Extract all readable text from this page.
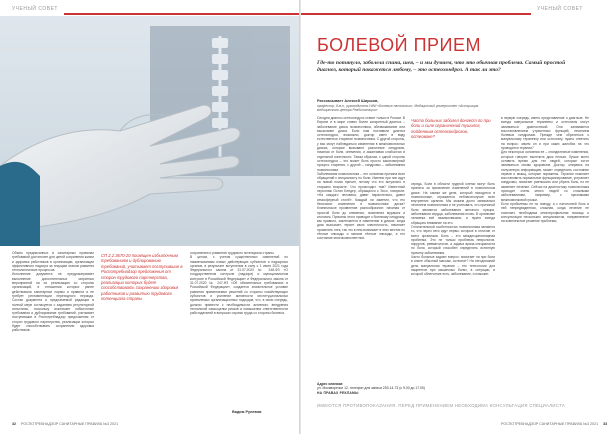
УЧЕНЫЙ СОВЕТ

Объем предписанных в санитарных правилах требований достаточен для целей сохранения жизни и здоровья работников в организации, организации эффективного надзора за текущим этапом развития технологических процессов.

Исполнение документа не предусматривает выполнение дополнительных затратных мероприятий на их реализацию со стороны организаций, в отношении которых ранее действовали санитарные нормы и правила и не требует регламентации переходного периода. Состав документа и предлагаемой редакции в полной мере согласуется с заданием регуляторной гильотины, поскольку исключает избыточные требования и дублирование требований, учитывает поступившие в Роспотребнадзор предложения от сторон трудового партнерства, реализации которых будет способствовать сохранению здоровья работников.

СП 2.2.3670-20 посвящен избыточным требованиям и дублированию требований, учитывает поступившие в Роспотребнадзор предложения от сторон трудового партнерства, реализации которых будет способствовать сохранению здоровья работников и развитию трудового потенциала страны

сохранению и развитию трудового потенциала страны.

В целом, с учетом существенных изменений по наименованиям новых действующих субъектов и надзорных органов, в результате вступления в силу с 1 июля 2021 года Федерального закона от 31.07.2020 № 248-ФЗ «О государственном контроле (надзоре) и муниципальном контроле в Российской Федерации» и Федерального закона от 31.07.2020 № 247-ФЗ «Об обязательных требованиях в Российской Федерации», создается значительное условие развития применяемых решений со стороны хозяйствующих субъектов и усиление активности институциональных приемлемых организационных подходов, что, в свою очередь, должно привести к необходимости активного внедрения технологий самооценки рисков и повышения ответственности работодателей в вопросах охраны труда со стороны бизнеса.

Вадим Рулевов
32 РОСПОТРЕБНАДЗОР САНИТАРНЫЕ ПРАВИЛА №3 2021
УЧЕНЫЙ СОВЕТ
БОЛЕВОЙ ПРИЕМ
Где-то потянуло, заболела спина, шея, – и мы думаем, что это обычная проблема. Самый простой диагноз, который покажется любому, – это остеохондроз. А так ли это?
Рассказывает Алексей Ширшов,
профессор, д.м.н., руководитель НИИ «Болевые патологии», Медицинский университет «Ассоциация медицинского центра Реабилитации»

Сегодня диагноз остеохондроз ставят только в России. В Европе и в мире ставят более конкретный диагноз – заболевание диска позвоночника, обезвоживание или высыхание диска. Если нам поставили диагноз остеохондроз, возможно, доктор имел в виду естественное старение позвоночника. С другой стороны, у вас могут наблюдаться изменения в межпозвоночных дисках, которые вызывают различные синдромы, начиная от боли, онемения, и заканчивая слабостью в отдельной конечности. Таким образом, с одной стороны остеохондроз – это может быть просто закономерный процесс старения, с другой – синдромы – заболевания позвоночника.

Заболевания позвоночника – это основная причина всех обращений к специалисту по боли. Именно при них идут на новый поиск причин, потому что это актуально в старшем возрасте. Что происходит там? Известный персонаж Остап Бендер, обращался к Эссо, говорили: «На каждого человека, давят параллельно, давит атмосферный столб». Каждый ли заметил, что его беспокоят изменения в позвоночнике диска? Клиническое проявление разнообразное: начиная от простой боли до онемения, появления мурашек и иголочек. Причины этого приводят к болевому синдрому, как правило, заключается в изменении в дисках: когда диск высыхает, теряет свою эластичность, начинает проявлять отек, так что в нем возникает в этих местах по тёплые эпизоды и мелкие тёплые эпизоды, а его состояние многокомпонентное.

Часто больных заболел донгест по при боли и силе ограничений тушился, пойденным остеохондрозов, остеоване?

середь. Боли в области грудной клетки могут быть приняты за проявление изменений в позвоночном диске. На самом же деле, который находится в позвоночнике, отражается неблагополучие всех внутренних органов. Мы можем долго заниматься лечением позвоночника и не учитывать, что причиной боли являются заболевания желчного пузыря, заболевания сердца, заболевания почек. В организме человека всё взаимосвязано, и нужно всегда обращать внимание на это.

Отличительной особенностью позвоночника является то, что через него идут нервы: которые в отличие от всего организма. Боль – это междисциплинарная проблема. Это не только проблема неврологов, хирургов, ревматологов, а задача врача-специалиста по боли, который способен определить истинную причину заболевания.

Часто больные задают вопрос: помогает ли при боли в спине обычный массаж, остеопат? На сегодняшний день мануальная терапия – это технология для пациентов при мышечных болях, в ситуации, в которой облегчение есть, заболевание, и поможет.

в первую очередь, иметь представление о диагнозе. Не всегда мануальные терапевты и остеопаты могут заниматься диагностикой. Они занимаются восстановлением утраченных функций, лечением болевых синдромов. Прежде чем обратиться к мануальному терапевту или остеопату, нужно ответить на вопрос: зачем он и при каких жалобах на что проводится терапия?

Для некоторых основная ее – спондилезные изменения, которые говорят: вылечить диск нельзя. Лучше всего оставить время для тех людей, которые хотят заниматься своим здоровьем. Доктор, опираясь на полученную информацию, может определить состояние нервов и мышц, которые поражены. Терапия помогает восстановить нормальное функционирование, устраняет синдромы, помогает уменьшить или убрать боль, но не заменяет лечение. Сейчас на диагностику позвоночника приходит очень много людей со сложными заболеваниями, например, с признаками межпозвонковой грыжи.

Если пробилемы не по поводу, а с патологией боль в ней непредвиденная, сложная, когда лечение не помогает, необходима многопрофильная помощь и консультации нескольких специалистов, направленное на комплексное решение проблемы.

Адрес клиники:
ул. Москворечье 12, телефон для записи 253-14-73 (с 9.00 до 17.00)
НА ПРАВАХ РЕКЛАМЫ
ИМЕЮТСЯ ПРОТИВОПОКАЗАНИЯ. ПЕРЕД ПРИМЕНЕНИЕМ НЕОБХОДИМА КОНСУЛЬТАЦИЯ СПЕЦИАЛИСТА
РОСПОТРЕБНАДЗОР САНИТАРНЫЕ ПРАВИЛА №3 2021 33
